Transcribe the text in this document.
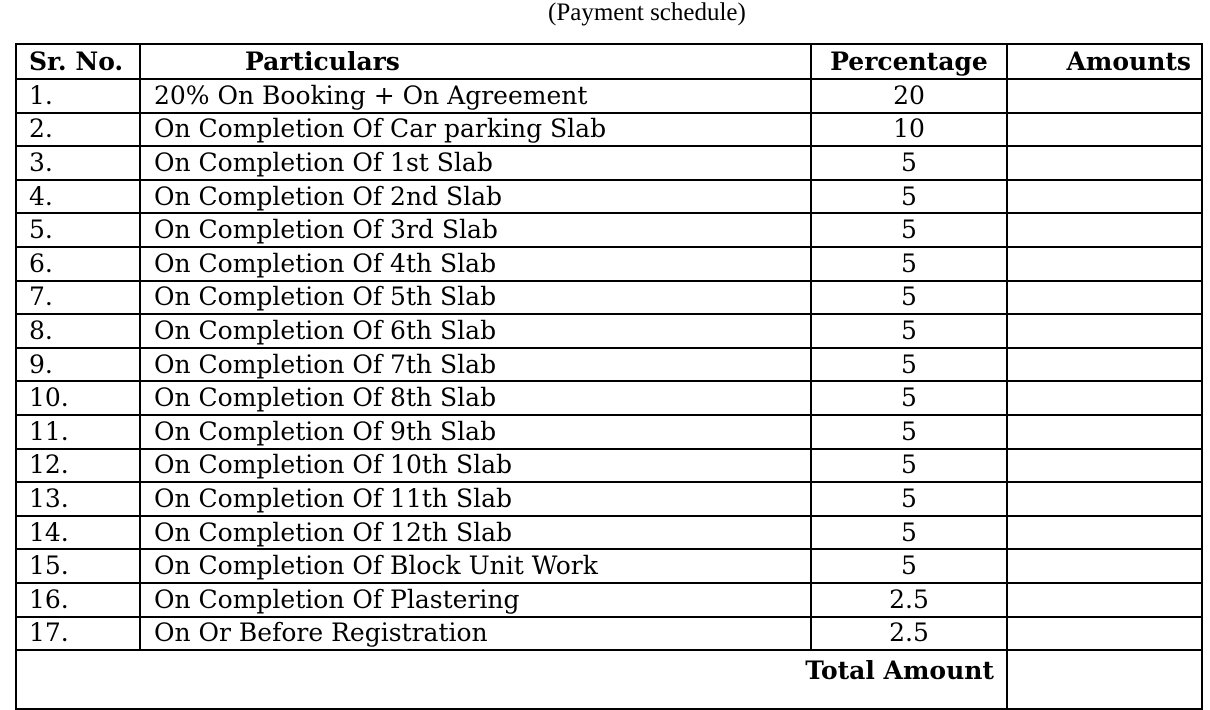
(Payment schedule)
Sr. No.	Particulars	Percentage	Amounts
1.	20% On Booking + On Agreement	20	
2.	On Completion Of Car parking Slab	10	
3.	On Completion Of 1st Slab	5	
4.	On Completion Of 2nd Slab	5	
5.	On Completion Of 3rd Slab	5	
6.	On Completion Of 4th Slab	5	
7.	On Completion Of 5th Slab	5	
8.	On Completion Of 6th Slab	5	
9.	On Completion Of 7th Slab	5	
10.	On Completion Of 8th Slab	5	
11.	On Completion Of 9th Slab	5	
12.	On Completion Of 10th Slab	5	
13.	On Completion Of 11th Slab	5	
14.	On Completion Of 12th Slab	5	
15.	On Completion Of Block Unit Work	5	
16.	On Completion Of Plastering	2.5	
17.	On Or Before Registration	2.5	
Total Amount			
